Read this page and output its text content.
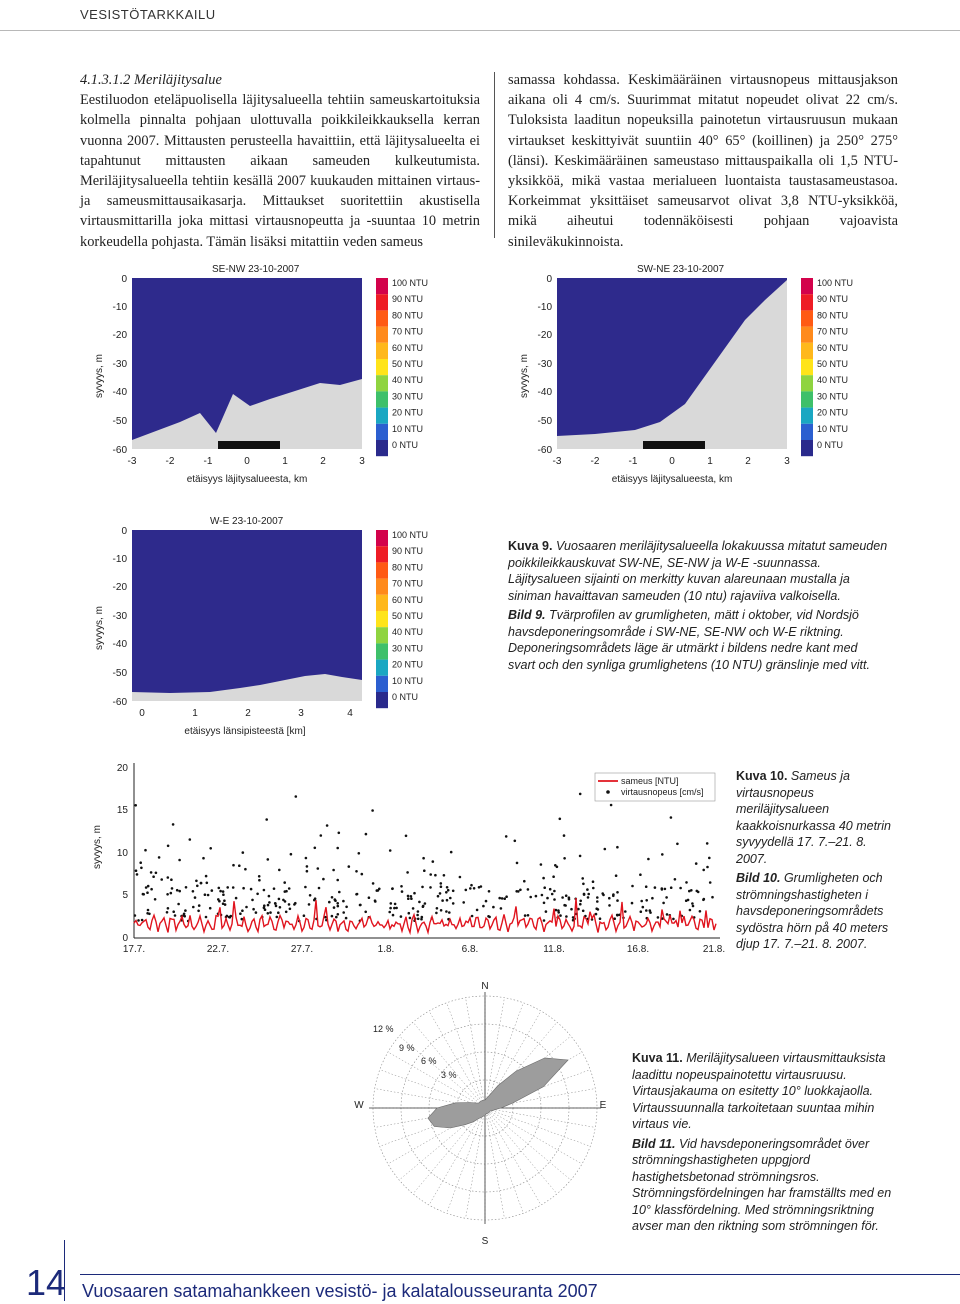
VESISTÖTARKKAILU

4.1.3.1.2 Meriläjitysalue

Eestiluodon eteläpuolisella läjitysalueella tehtiin sameuskartoituksia kolmella pinnalta pohjaan ulottuvalla poikkileikkauksella kerran vuonna 2007. Mittausten perusteella havaittiin, että läjitysalueelta ei tapahtunut mittausten aikaan sameuden kulkeutumista. Meriläjitysalueella tehtiin kesällä 2007 kuukauden mittainen virtaus- ja sameusmittausaikasarja. Mittaukset suoritettiin akustisella virtausmittarilla joka mittasi virtausnopeutta ja -suuntaa 10 metrin korkeudella pohjasta. Tämän lisäksi mitattiin veden sameus

samassa kohdassa. Keskimääräinen virtausnopeus mittausjakson aikana oli 4 cm/s. Suurimmat mitatut nopeudet olivat 22 cm/s. Tuloksista laaditun nopeuksilla painotetun virtausruusun mukaan virtaukset keskittyivät suuntiin 40° 65° (koillinen) ja 250° 275° (länsi). Keskimääräinen sameustaso mittauspaikalla oli 1,5 NTU-yksikköä, mikä vastaa merialueen luontaista taustasameustasoa. Korkeimmat yksittäiset sameusarvot olivat 3,8 NTU-yksikköä, mikä aiheutui todennäköisesti pohjaan vajoavista sinileväkukinnoista.

SE-NW 23-10-2007
syvyys, m
0
-10
-20
-30
-40
-50
-60
-3	-2	-1	0	1	2	3
etäisyys läjitysalueesta, km
100 NTU
90 NTU
80 NTU
70 NTU
60 NTU
50 NTU
40 NTU
30 NTU
20 NTU
10 NTU
0 NTU
SW-NE 23-10-2007
syvyys, m
0
-10
-20
-30
-40
-50
-60
-3	-2	-1	0	1	2	3
etäisyys läjitysalueesta, km
100 NTU
90 NTU
80 NTU
70 NTU
60 NTU
50 NTU
40 NTU
30 NTU
20 NTU
10 NTU
0 NTU
W-E 23-10-2007
syvyys, m
0
-10
-20
-30
-40
-50
-60
0	1	2	3	4
etäisyys länsipisteestä [km]
100 NTU
90 NTU
80 NTU
70 NTU
60 NTU
50 NTU
40 NTU
30 NTU
20 NTU
10 NTU
0 NTU
Kuva 9. Vuosaaren meriläjitysalueella lokakuussa mitatut sameuden poikkileikkauskuvat SW-NE, SE-NW ja W-E -suunnassa. Läjitysalueen sijainti on merkitty kuvan alareunaan mustalla ja siniman havaittavan sameuden (10 ntu) rajaviiva valkoisella.
Bild 9. Tvärprofilen av grumligheten, mätt i oktober, vid Nordsjö havsdeponeringsområde i SW-NE, SE-NW och W-E riktning. Deponeringsområdets läge är utmärkt i bildens nedre kant med svart och den synliga grumlighetens (10 NTU) gränslinje med vitt.
syvyys, m
20
15
10
5
0
17.7.	22.7.	27.7.	1.8.	6.8.	11.8.	16.8.	21.8.
sameus [NTU]
virtausnopeus [cm/s]
Kuva 10. Sameus ja virtausnopeus meriläjitysalueen kaakkoisnurkassa 40 metrin syvyydellä 17. 7.–21. 8. 2007.
Bild 10. Grumligheten och strömningshastigheten i havsdeponeringsområdets sydöstra hörn på 40 meters djup 17. 7.–21. 8. 2007.
N
E
S
W
12 %
9 %
6 %
3 %
Kuva 11. Meriläjitysalueen virtausmittauksista laadittu nopeuspainotettu virtausruusu. Virtausjakauma on esitetty 10° luokkajaolla. Virtaussuunnalla tarkoitetaan suuntaa mihin virtaus vie.
Bild 11. Vid havsdeponeringsområdet över strömningshastigheten uppgjord hastighetsbetonad strömningsros. Strömningsfördelningen har framställts med en 10° klassfördelning. Med strömningsriktning avser man den riktning som strömningen för.
14 Vuosaaren satamahankkeen vesistö- ja kalatalousseuranta 2007
